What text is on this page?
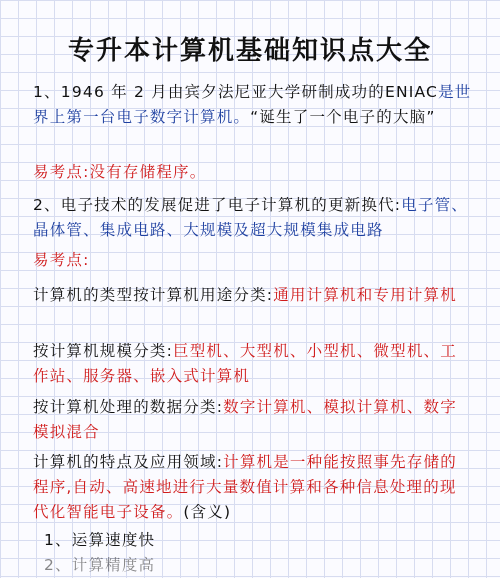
专升本计算机基础知识点大全
1、1946 年 2 月由宾夕法尼亚大学研制成功的ENIAC是世界上第一台电子数字计算机。“诞生了一个电子的大脑”
易考点:没有存储程序。
2、电子技术的发展促进了电子计算机的更新换代:电子管、晶体管、集成电路、大规模及超大规模集成电路
易考点:
计算机的类型按计算机用途分类:通用计算机和专用计算机
按计算机规模分类:巨型机、大型机、小型机、微型机、工作站、服务器、嵌入式计算机
按计算机处理的数据分类:数字计算机、模拟计算机、数字模拟混合
计算机的特点及应用领域:计算机是一种能按照事先存储的程序,自动、高速地进行大量数值计算和各种信息处理的现代化智能电子设备。(含义)
1、运算速度快
2、计算精度高
